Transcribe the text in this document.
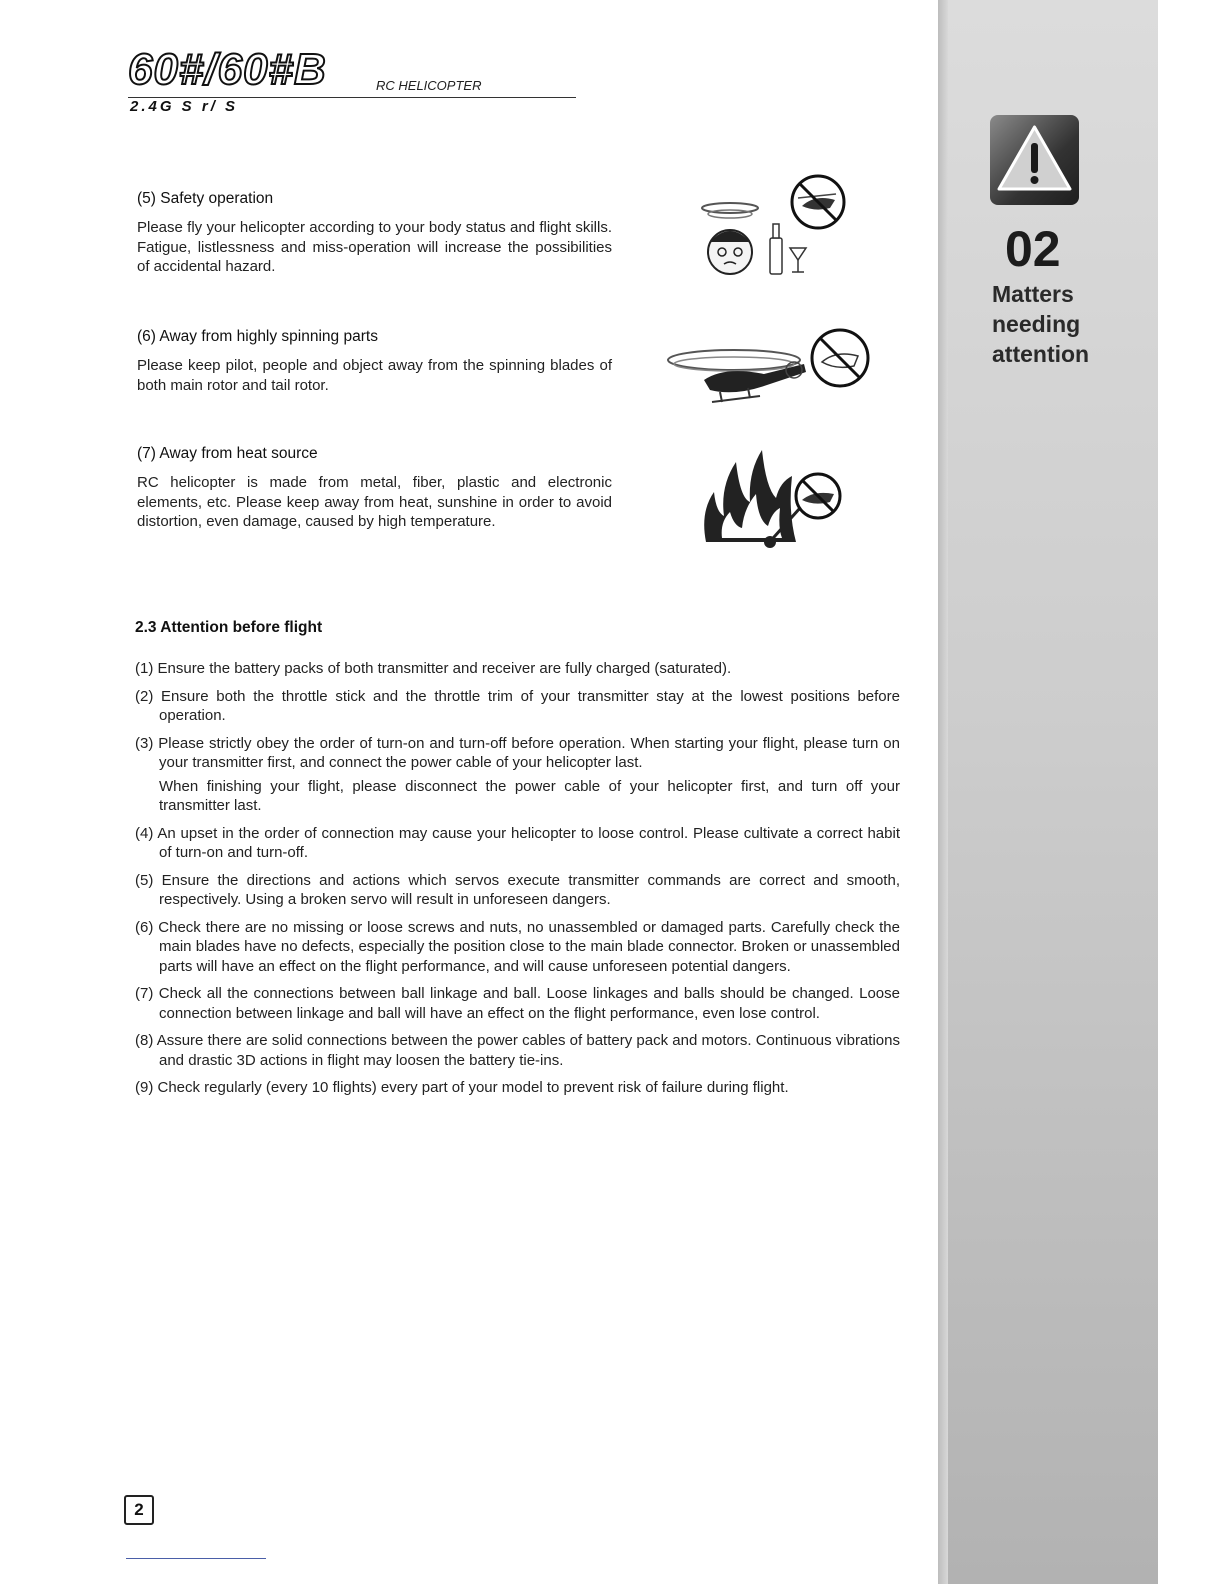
60#/60#B	RC HELICOPTER
2.4G S r/ S

(5) Safety operation

Please fly your helicopter according to your body status and flight skills. Fatigue, listlessness and miss-operation will increase the possibilities of accidental hazard.

(6) Away from highly spinning parts

Please keep pilot, people and object away from the spinning blades of both main rotor and tail rotor.

(7) Away from heat source

RC helicopter is made from metal, fiber, plastic and electronic elements, etc. Please keep away from heat, sunshine in order to avoid distortion, even damage, caused by high temperature.

2.3 Attention before flight
(1) Ensure the battery packs of both transmitter and receiver are fully charged (saturated).
(2) Ensure both the throttle stick and the throttle trim of your transmitter stay at the lowest positions before operation.
(3) Please strictly obey the order of turn-on and turn-off before operation. When starting your flight, please turn on your transmitter first, and connect the power cable of your helicopter last.
When finishing your flight, please disconnect the power cable of your helicopter first, and turn off your transmitter last.
(4) An upset in the order of connection may cause your helicopter to loose control. Please cultivate a correct habit of turn-on and turn-off.
(5) Ensure the directions and actions which servos execute transmitter commands are correct and smooth, respectively. Using a broken servo will result in unforeseen dangers.
(6) Check there are no missing or loose screws and nuts, no unassembled or damaged parts. Carefully check the main blades have no defects, especially the position close to the main blade connector. Broken or unassembled parts will have an effect on the flight performance, and will cause unforeseen potential dangers.
(7) Check all the connections between ball linkage and ball. Loose linkages and balls should be changed. Loose connection between linkage and ball will have an effect on the flight performance, even lose control.
(8) Assure there are solid connections between the power cables of battery pack and motors. Continuous vibrations and drastic 3D actions in flight may loosen the battery tie-ins.
(9) Check regularly (every 10 flights) every part of your model to prevent risk of failure during flight.
02
Matters needing attention
2
